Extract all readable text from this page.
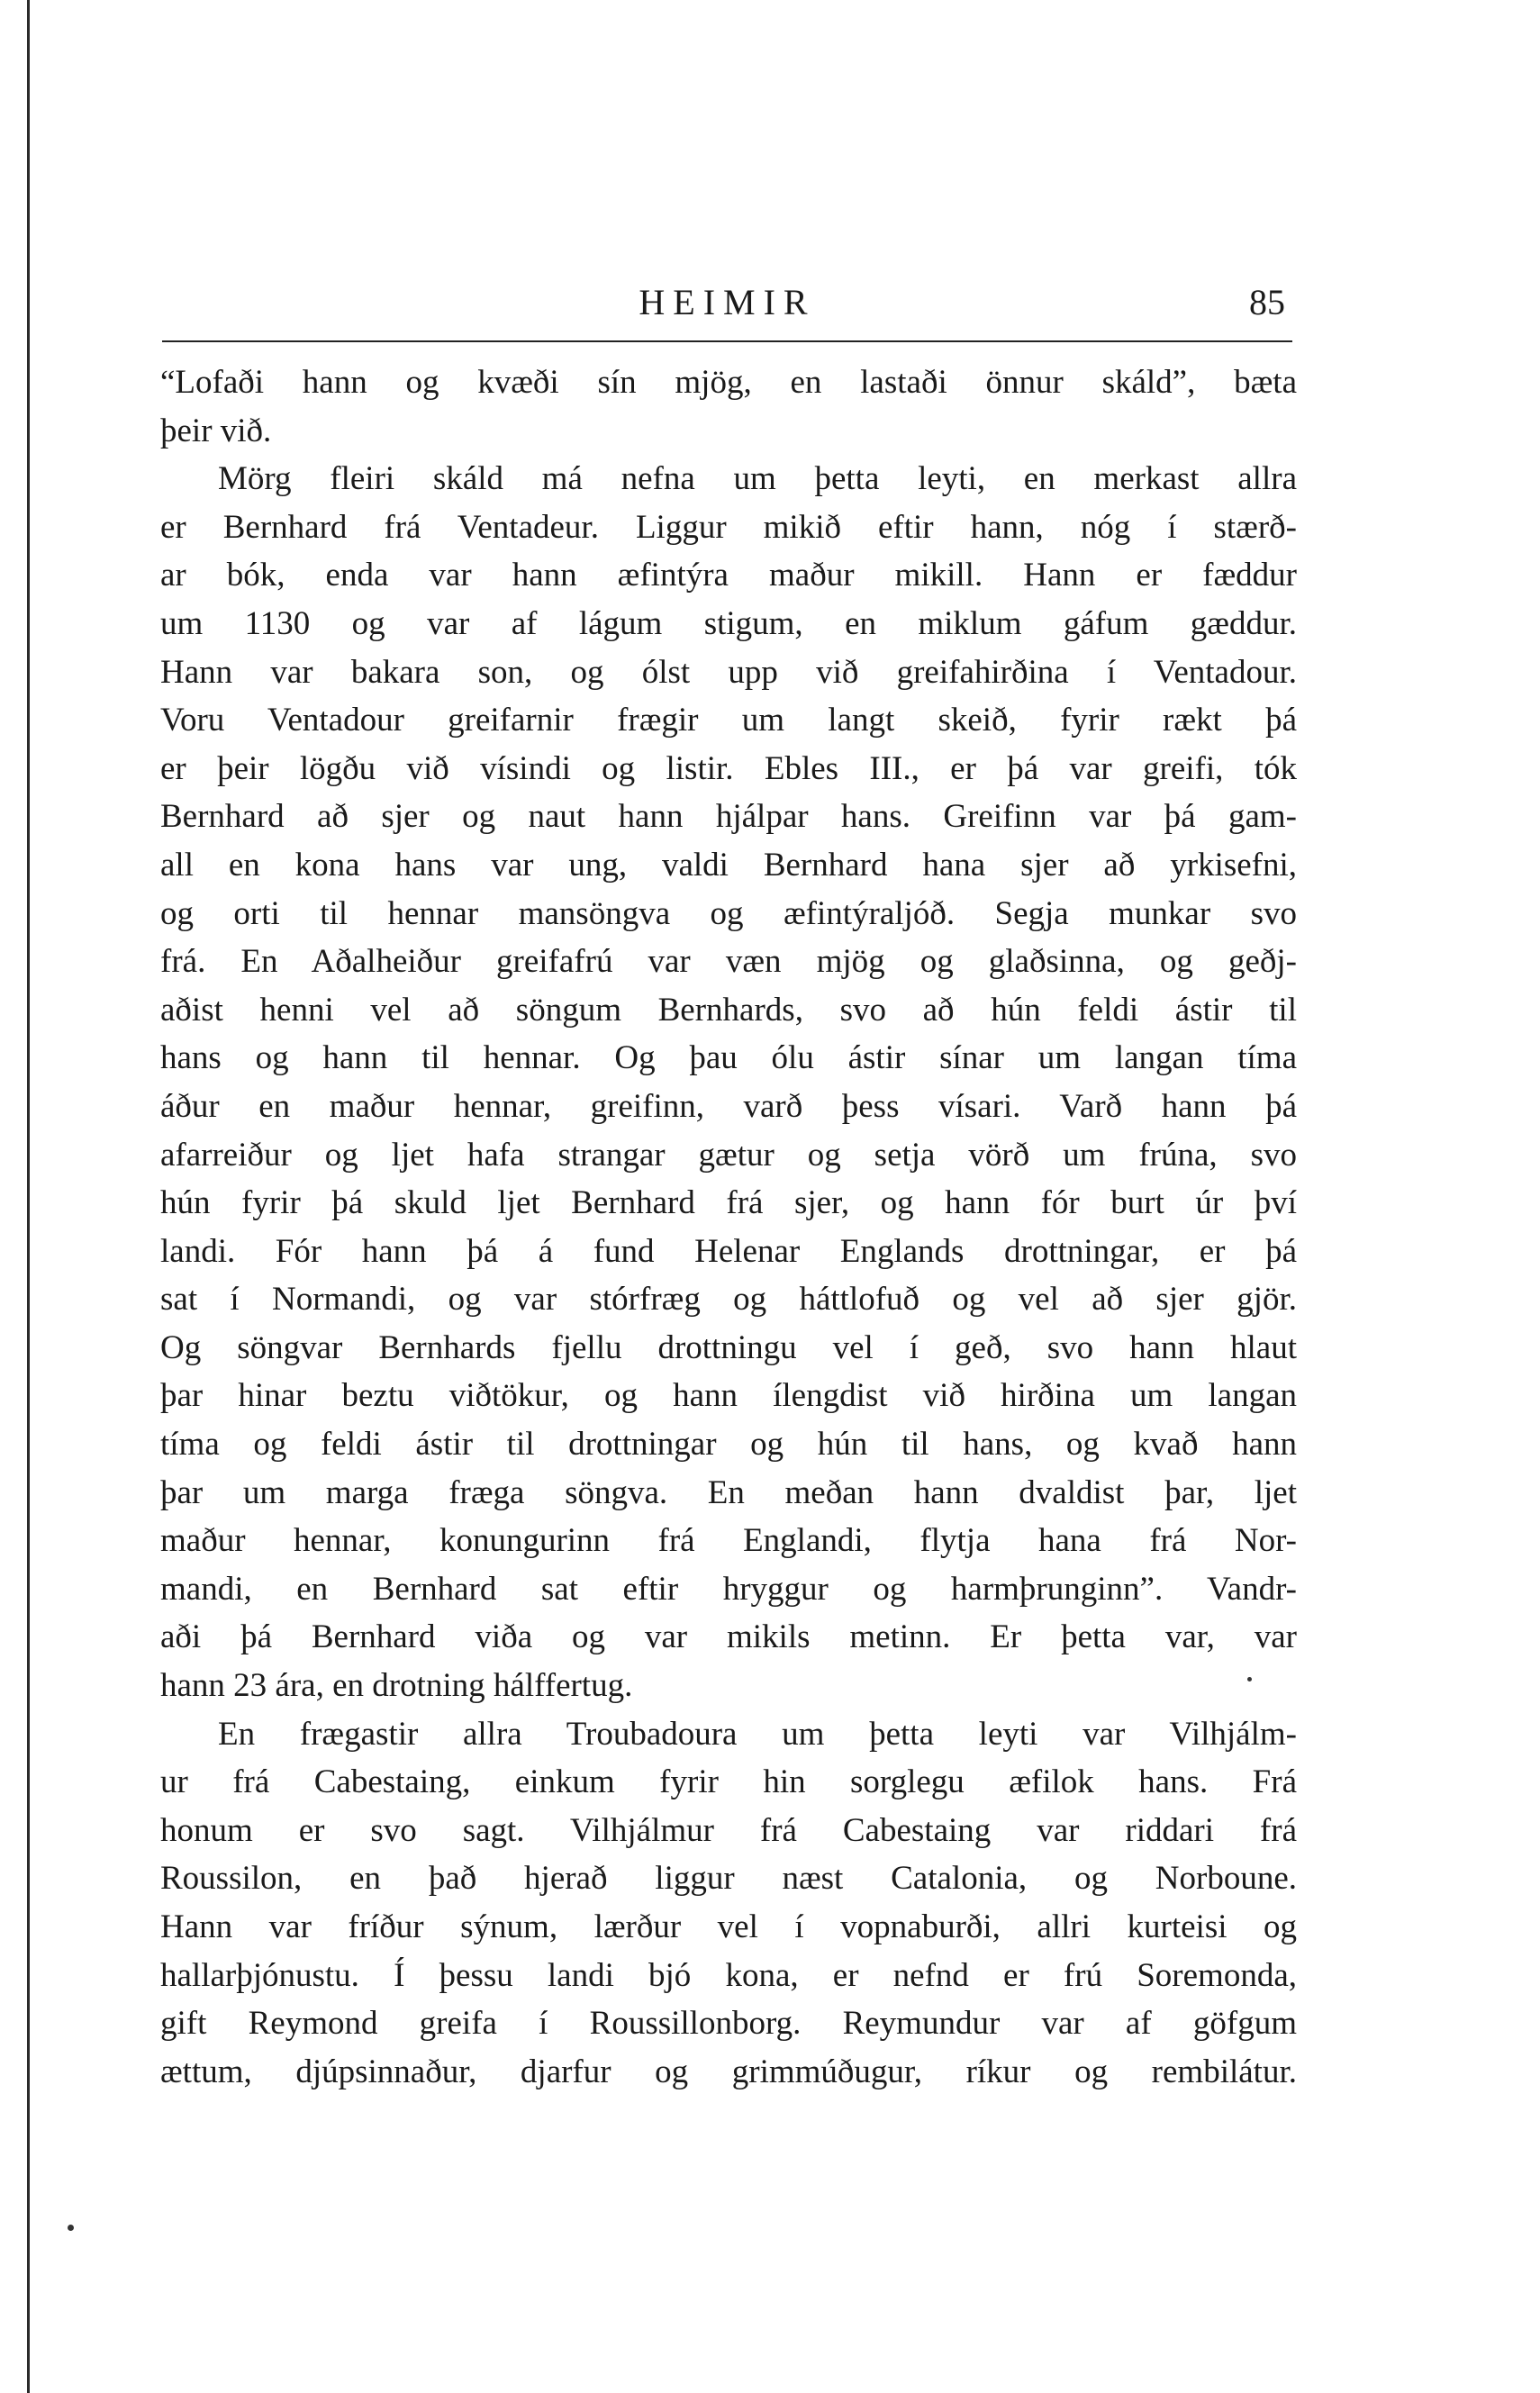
HEIMIR	85
“Lofaði hann og kvæði sín mjög, en lastaði önnur skáld”, bæta
þeir við.
Mörg fleiri skáld má nefna um þetta leyti, en merkast allra
er Bernhard frá Ventadeur. Liggur mikið eftir hann, nóg í stærð-
ar bók, enda var hann æfintýra maður mikill. Hann er fæddur
um 1130 og var af lágum stigum, en miklum gáfum gæddur.
Hann var bakara son, og ólst upp við greifahirðina í Ventadour.
Voru Ventadour greifarnir frægir um langt skeið, fyrir rækt þá
er þeir lögðu við vísindi og listir. Ebles III., er þá var greifi, tók
Bernhard að sjer og naut hann hjálpar hans. Greifinn var þá gam-
all en kona hans var ung, valdi Bernhard hana sjer að yrkisefni,
og orti til hennar mansöngva og æfintýraljóð. Segja munkar svo
frá. En Aðalheiður greifafrú var væn mjög og glaðsinna, og geðj-
aðist henni vel að söngum Bernhards, svo að hún feldi ástir til
hans og hann til hennar. Og þau ólu ástir sínar um langan tíma
áður en maður hennar, greifinn, varð þess vísari. Varð hann þá
afarreiður og ljet hafa strangar gætur og setja vörð um frúna, svo
hún fyrir þá skuld ljet Bernhard frá sjer, og hann fór burt úr því
landi. Fór hann þá á fund Helenar Englands drottningar, er þá
sat í Normandi, og var stórfræg og háttlofuð og vel að sjer gjör.
Og söngvar Bernhards fjellu drottningu vel í geð, svo hann hlaut
þar hinar beztu viðtökur, og hann ílengdist við hirðina um langan
tíma og feldi ástir til drottningar og hún til hans, og kvað hann
þar um marga fræga söngva. En meðan hann dvaldist þar, ljet
maður hennar, konungurinn frá Englandi, flytja hana frá Nor-
mandi, en Bernhard sat eftir hryggur og harmþrunginn”. Vandr-
aði þá Bernhard viða og var mikils metinn. Er þetta var, var
hann 23 ára, en drotning hálffertug.
En frægastir allra Troubadoura um þetta leyti var Vilhjálm-
ur frá Cabestaing, einkum fyrir hin sorglegu æfilok hans. Frá
honum er svo sagt. Vilhjálmur frá Cabestaing var riddari frá
Roussilon, en það hjerað liggur næst Catalonia, og Norboune.
Hann var fríður sýnum, lærður vel í vopnaburði, allri kurteisi og
hallarþjónustu. Í þessu landi bjó kona, er nefnd er frú Soremonda,
gift Reymond greifa í Roussillonborg. Reymundur var af göfgum
ættum, djúpsinnaður, djarfur og grimmúðugur, ríkur og rembilátur.
